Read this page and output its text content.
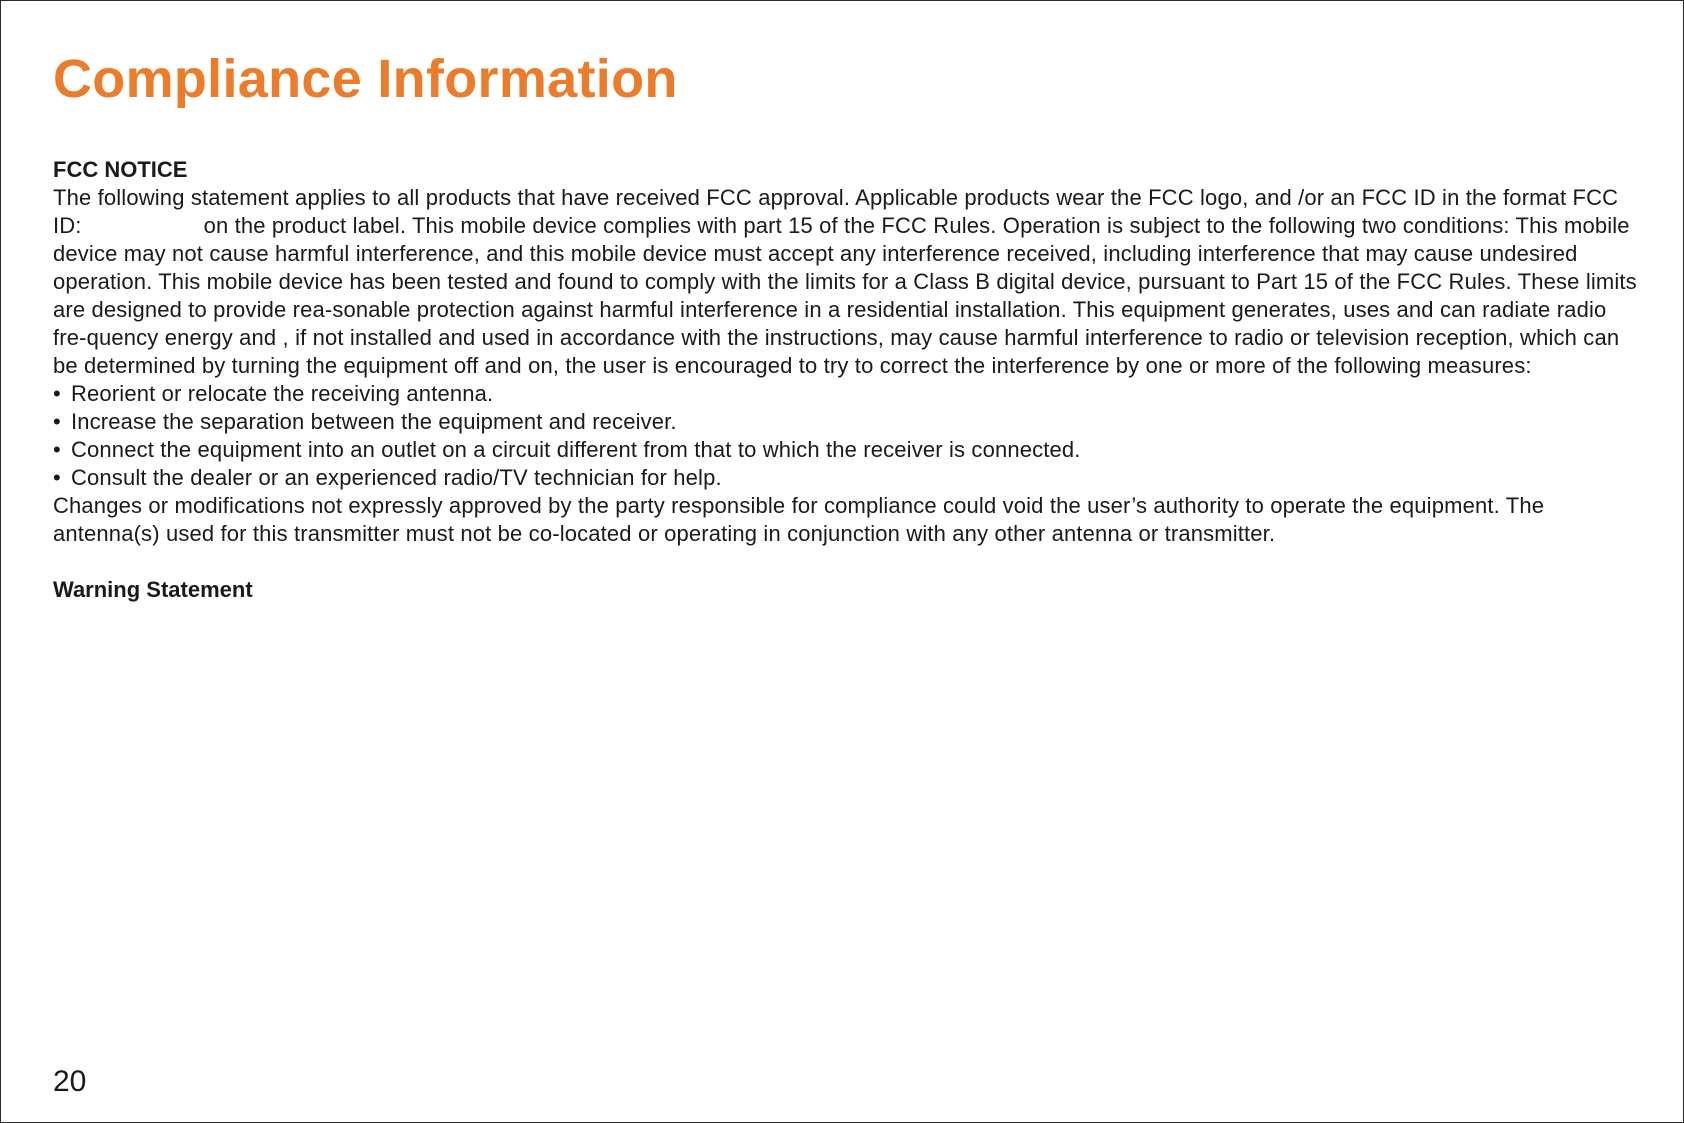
Compliance Information
FCC NOTICE

The following statement applies to all products that have received FCC approval. Applicable products wear the FCC logo, and /or an FCC ID in the format FCC ID:	on the product label. This mobile device complies with part 15 of the FCC Rules. Operation is subject to the following two conditions: This mobile device may not cause harmful interference, and this mobile device must accept any interference received, including interference that may cause undesired operation. This mobile device has been tested and found to comply with the limits for a Class B digital device, pursuant to Part 15 of the FCC Rules. These limits are designed to provide rea-sonable protection against harmful interference in a residential installation. This equipment generates, uses and can radiate radio fre-quency energy and , if not installed and used in accordance with the instructions, may cause harmful interference to radio or television reception, which can be determined by turning the equipment off and on, the user is encouraged to try to correct the interference by one or more of the following measures:

• Reorient or relocate the receiving antenna.
• Increase the separation between the equipment and receiver.
• Connect the equipment into an outlet on a circuit different from that to which the receiver is connected.
• Consult the dealer or an experienced radio/TV technician for help.

Changes or modifications not expressly approved by the party responsible for compliance could void the user’s authority to operate the equipment. The antenna(s) used for this transmitter must not be co-located or operating in conjunction with any other antenna or transmitter.

Warning Statement
20
